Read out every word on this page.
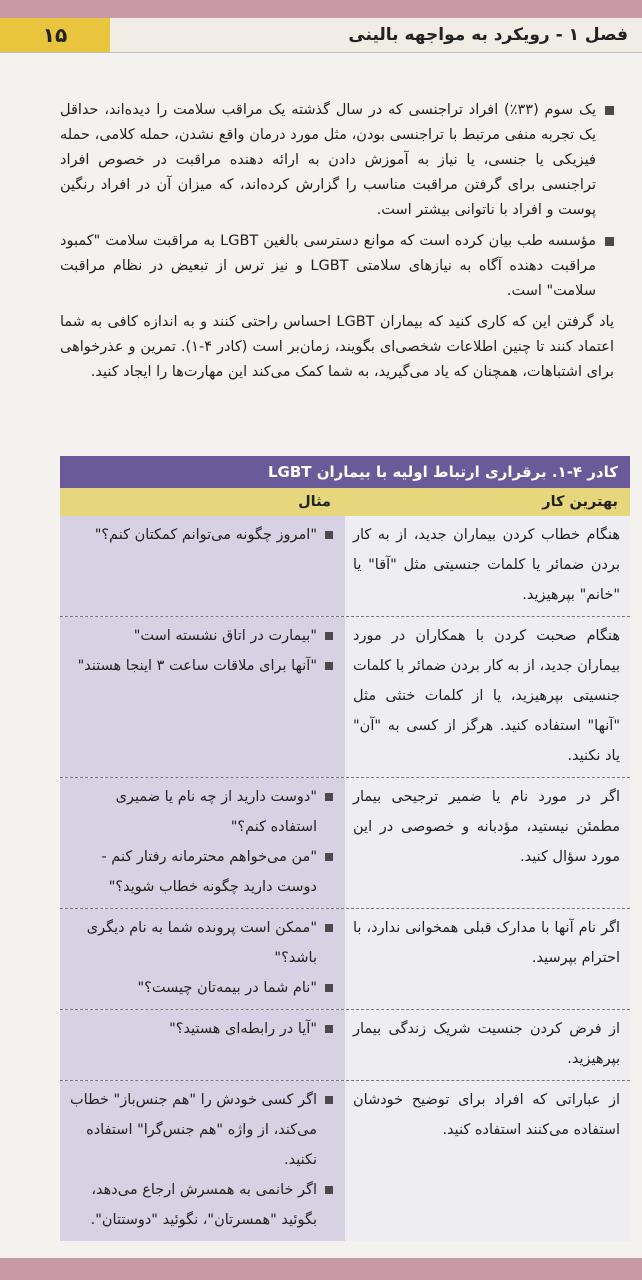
۱۵	فصل ۱ - رویکرد به مواجهه بالینی
یک سوم (۳۳٪) افراد تراجنسی که در سال گذشته یک مراقب سلامت را دیده‌اند، حداقل یک تجربه منفی مرتبط با تراجنسی بودن، مثل مورد درمان واقع نشدن، حمله کلامی، حمله فیزیکی یا جنسی، یا نیاز به آموزش دادن به ارائه دهنده مراقبت در خصوص افراد تراجنسی برای گرفتن مراقبت مناسب را گزارش کرده‌اند، که میزان آن در افراد رنگین پوست و افراد با ناتوانی بیشتر است.
مؤسسه طب بیان کرده است که موانع دسترسی بالغین LGBT به مراقبت سلامت "کمبود مراقبت دهنده آگاه به نیازهای سلامتی LGBT و نیز ترس از تبعیض در نظام مراقبت سلامت" است.
یاد گرفتن این که کاری کنید که بیماران LGBT احساس راحتی کنند و به اندازه کافی به شما اعتماد کنند تا چنین اطلاعات شخصی‌ای بگویند، زمان‌بر است (کادر ۴-۱). تمرین و عذرخواهی برای اشتباهات، همچنان که یاد می‌گیرید، به شما کمک می‌کند این مهارت‌ها را ایجاد کنید.
کادر ۴-۱. برقراری ارتباط اولیه با بیماران LGBT
بهترین کار
مثال
هنگام خطاب کردن بیماران جدید، از به کار بردن ضمائر یا کلمات جنسیتی مثل "آقا" یا "خانم" بپرهیزید.
"امروز چگونه می‌توانم کمکتان کنم؟"
هنگام صحبت کردن با همکاران در مورد بیماران جدید، از به کار بردن ضمائر با کلمات جنسیتی بپرهیزید، یا از کلمات خنثی مثل "آنها" استفاده کنید. هرگز از کسی به "آن" یاد نکنید.
"بیمارت در اتاق نشسته است"
"آنها برای ملاقات ساعت ۳ اینجا هستند"
اگر در مورد نام یا ضمیر ترجیحی بیمار مطمئن نیستید، مؤدبانه و خصوصی در این مورد سؤال کنید.
"دوست دارید از چه نام یا ضمیری استفاده کنم؟"
"من می‌خواهم محترمانه رفتار کنم - دوست دارید چگونه خطاب شوید؟"
اگر نام آنها با مدارک قبلی همخوانی ندارد، با احترام بپرسید.
"ممکن است پرونده شما به نام دیگری باشد؟"
"نام شما در بیمه‌تان چیست؟"
از فرض کردن جنسیت شریک زندگی بیمار بپرهیزید.
"آیا در رابطه‌ای هستید؟"
از عباراتی که افراد برای توضیح خودشان استفاده می‌کنند استفاده کنید.
اگر کسی خودش را "هم جنس‌باز" خطاب می‌کند، از واژه "هم جنس‌گرا" استفاده نکنید.
اگر خانمی به همسرش ارجاع می‌دهد، بگوئید "همسرتان"، نگوئید "دوستتان".
